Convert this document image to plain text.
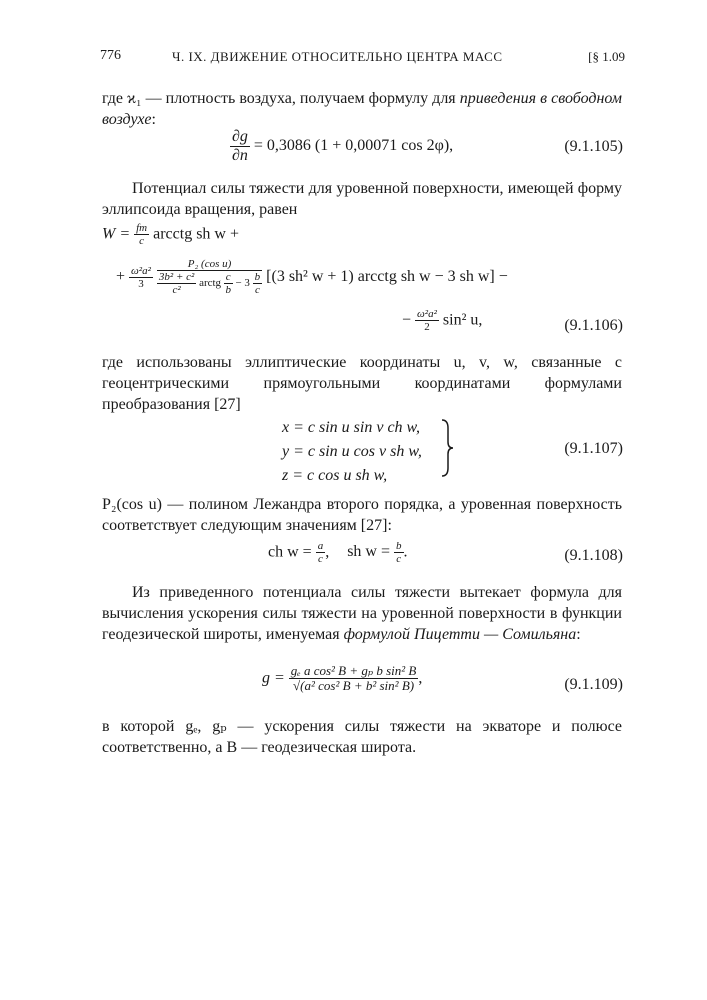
776	Ч. IX. ДВИЖЕНИЕ ОТНОСИТЕЛЬНО ЦЕНТРА МАСС	[§ 1.09
где ϰ₁ — плотность воздуха, получаем формулу для приведения в свободном воздухе:
$\frac{\partial g}{\partial n} = 0,3086$ (1 + 0,00071 cos 2φ),	(9.1.105)
Потенциал силы тяжести для уровенной поверхности, имеющей форму эллипсоида вращения, равен
$W = \frac{fm}{c}$ arcctg sh w +
+ $\frac{\text{ω²a²}}{3}$
$\frac{\text{P₂ (cos u)}}{\frac{\text{3b² + c²}}{\text{c²}} arctg \frac{c}{b} - 3 \frac{b}{c}} [(3$ sh² w + 1) arcctg sh w − 3 sh w] −
− $\frac{\text{ω²a²}}{2} \sin^2$ u,	(9.1.106)
где использованы эллиптические координаты u, v, w, связанные с геоцентрическими прямоугольными координатами формулами преобразования [27]
x = c sin u sin v ch w,
y = c sin u cos v sh w,
z = c cos u sh w,
(9.1.107)
P₂(cos u) — полином Лежандра второго порядка, а уровенная поверхность соответствует следующим значениям [27]:
ch $w = \frac{a}{c}$ , sh $w = \frac{b}{c}$ .	(9.1.108)
Из приведенного потенциала силы тяжести вытекает формула для вычисления ускорения силы тяжести на уровенной поверхности в функции геодезической широты, именуемая формулой Пицетти — Сомильяна:
$g = \frac{\text{gₑ a cos² B + gₚ b sin² B}}{\text{√(a² cos² B + b² sin² B)}}$ ,	(9.1.109)
в которой gₑ, gₚ — ускорения силы тяжести на экваторе и полюсе соответственно, а B — геодезическая широта.
